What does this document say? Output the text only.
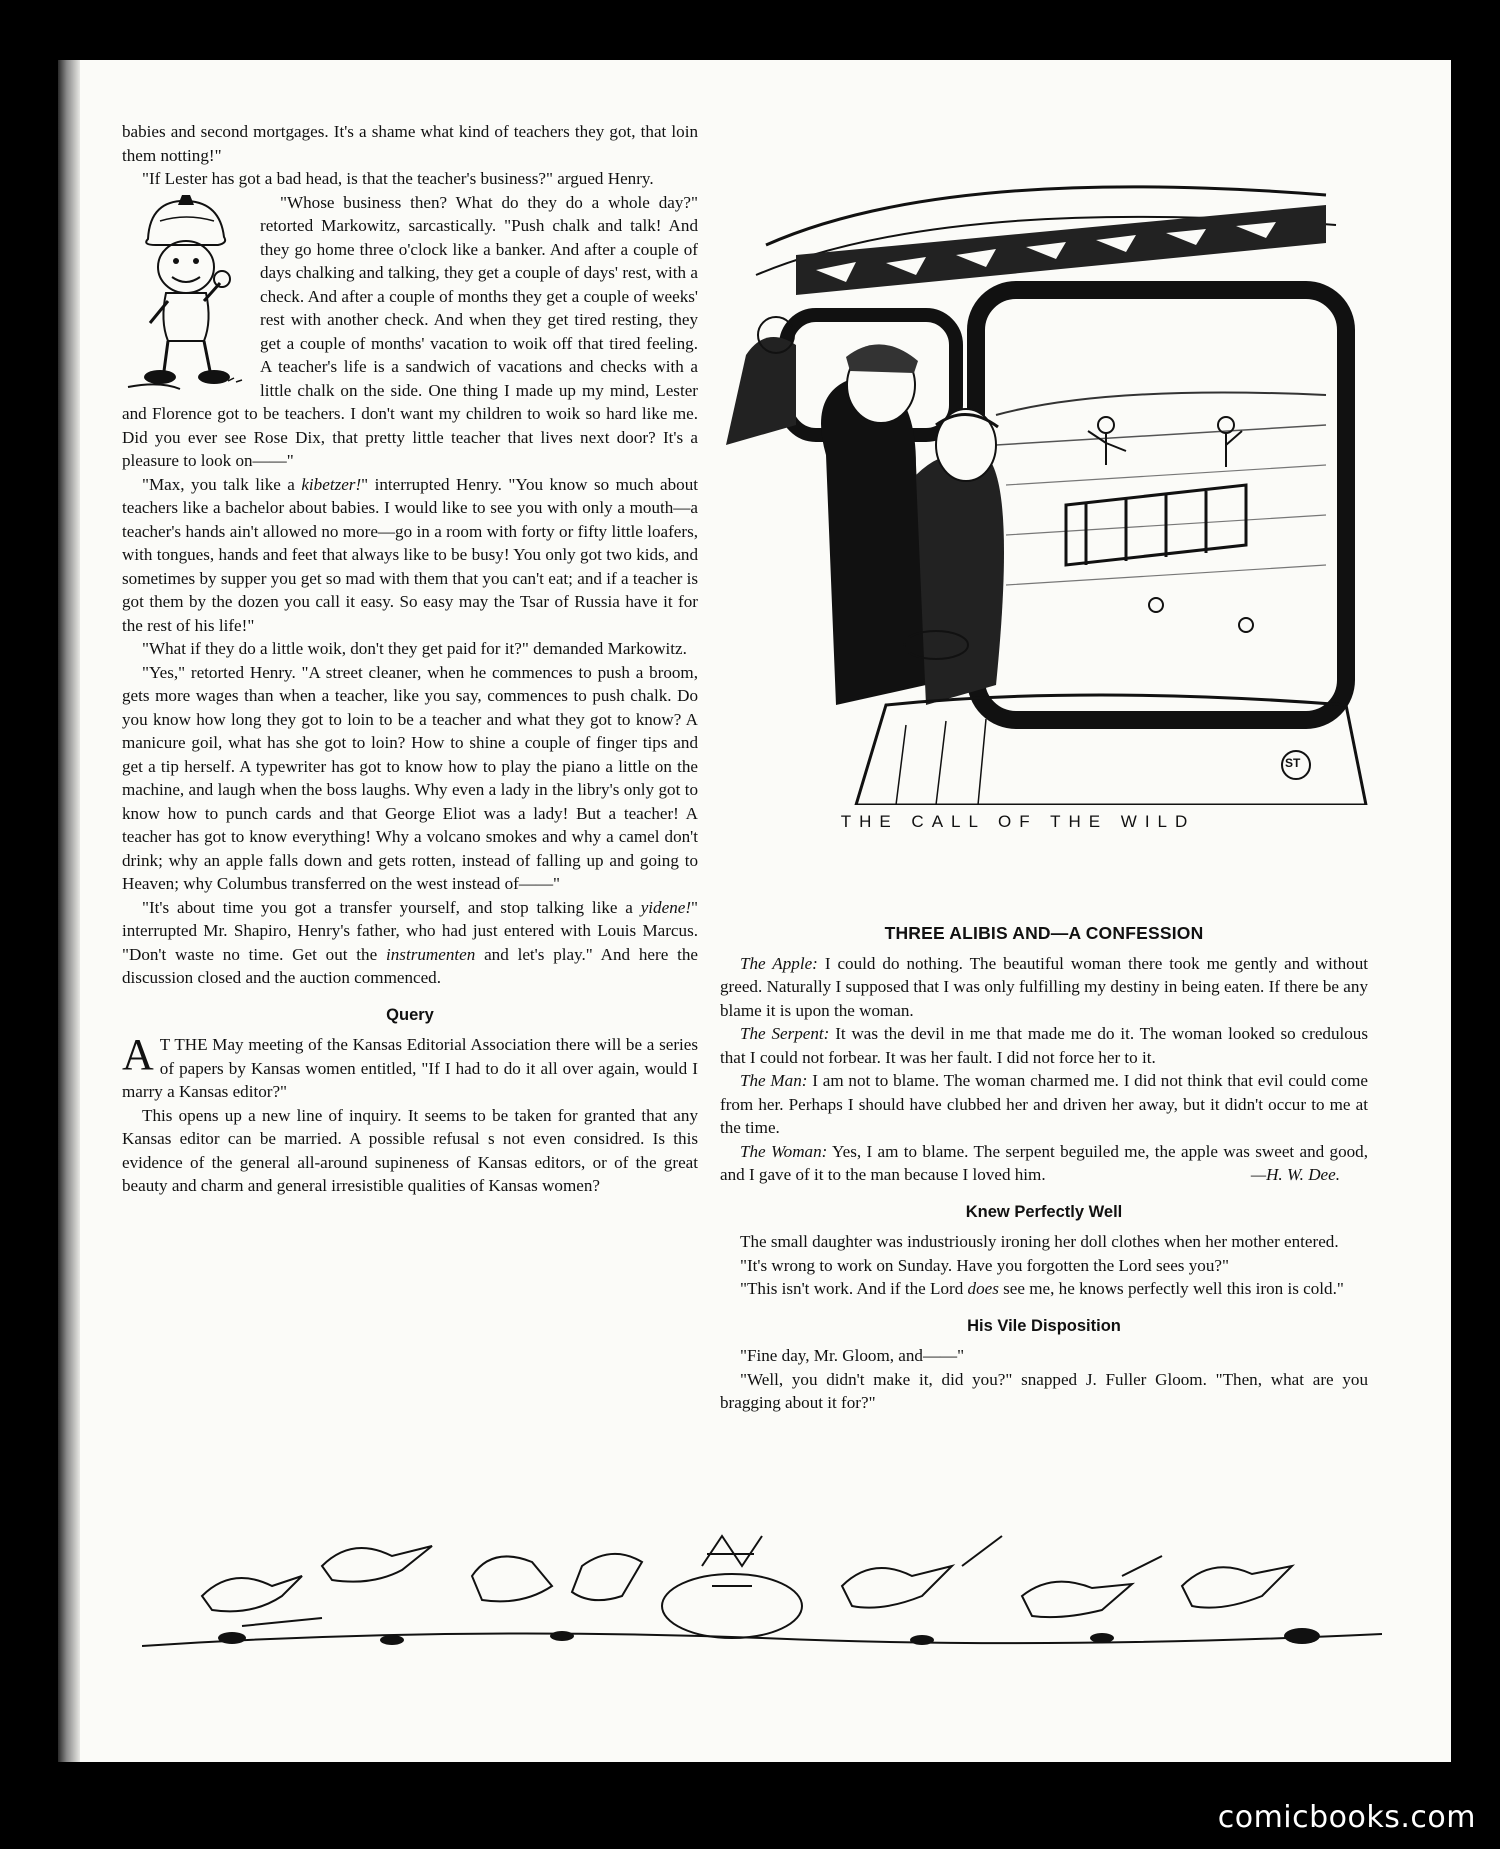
babies and second mortgages. It's a shame what kind of teachers they got, that loin them notting!"

"If Lester has got a bad head, is that the teacher's business?" argued Henry.

"Whose business then? What do they do a whole day?" retorted Markowitz, sarcastically. "Push chalk and talk! And they go home three o'clock like a banker. And after a couple of days chalking and talking, they get a couple of days' rest, with a check. And after a couple of months they get a couple of weeks' rest with another check. And when they get tired resting, they get a couple of months' vacation to woik off that tired feeling. A teacher's life is a sandwich of vacations and checks with a little chalk on the side. One thing I made up my mind, Lester and Florence got to be teachers. I don't want my children to woik so hard like me. Did you ever see Rose Dix, that pretty little teacher that lives next door? It's a pleasure to look on——"

"Max, you talk like a kibetzer!" interrupted Henry. "You know so much about teachers like a bachelor about babies. I would like to see you with only a mouth—a teacher's hands ain't allowed no more—go in a room with forty or fifty little loafers, with tongues, hands and feet that always like to be busy! You only got two kids, and sometimes by supper you get so mad with them that you can't eat; and if a teacher is got them by the dozen you call it easy. So easy may the Tsar of Russia have it for the rest of his life!"

"What if they do a little woik, don't they get paid for it?" demanded Markowitz.

"Yes," retorted Henry. "A street cleaner, when he commences to push a broom, gets more wages than when a teacher, like you say, commences to push chalk. Do you know how long they got to loin to be a teacher and what they got to know? A manicure goil, what has she got to loin? How to shine a couple of finger tips and get a tip herself. A typewriter has got to know how to play the piano a little on the machine, and laugh when the boss laughs. Why even a lady in the libry's only got to know how to punch cards and that George Eliot was a lady! But a teacher! A teacher has got to know everything! Why a volcano smokes and why a camel don't drink; why an apple falls down and gets rotten, instead of falling up and going to Heaven; why Columbus transferred on the west instead of——"

"It's about time you got a transfer yourself, and stop talking like a yidene!" interrupted Mr. Shapiro, Henry's father, who had just entered with Louis Marcus. "Don't waste no time. Get out the instrumenten and let's play." And here the discussion closed and the auction commenced.

Query

A T THE May meeting of the Kansas Editorial Association there will be a series of papers by Kansas women entitled, "If I had to do it all over again, would I marry a Kansas editor?"

This opens up a new line of inquiry. It seems to be taken for granted that any Kansas editor can be married. A possible refusal s not even considred. Is this evidence of the general all-around supineness of Kansas editors, or of the great beauty and charm and general irresistible qualities of Kansas women?

ST
THE CALL OF THE WILD
THREE ALIBIS AND—A CONFESSION

The Apple: I could do nothing. The beautiful woman there took me gently and without greed. Naturally I supposed that I was only fulfilling my destiny in being eaten. If there be any blame it is upon the woman.

The Serpent: It was the devil in me that made me do it. The woman looked so credulous that I could not forbear. It was her fault. I did not force her to it.

The Man: I am not to blame. The woman charmed me. I did not think that evil could come from her. Perhaps I should have clubbed her and driven her away, but it didn't occur to me at the time.

The Woman: Yes, I am to blame. The serpent beguiled me, the apple was sweet and good, and I gave of it to the man because I loved him.	—H. W. Dee.

Knew Perfectly Well

The small daughter was industriously ironing her doll clothes when her mother entered.

"It's wrong to work on Sunday. Have you forgotten the Lord sees you?"

"This isn't work. And if the Lord does see me, he knows perfectly well this iron is cold."

His Vile Disposition

"Fine day, Mr. Gloom, and——"

"Well, you didn't make it, did you?" snapped J. Fuller Gloom. "Then, what are you bragging about it for?"

comicbooks.com
